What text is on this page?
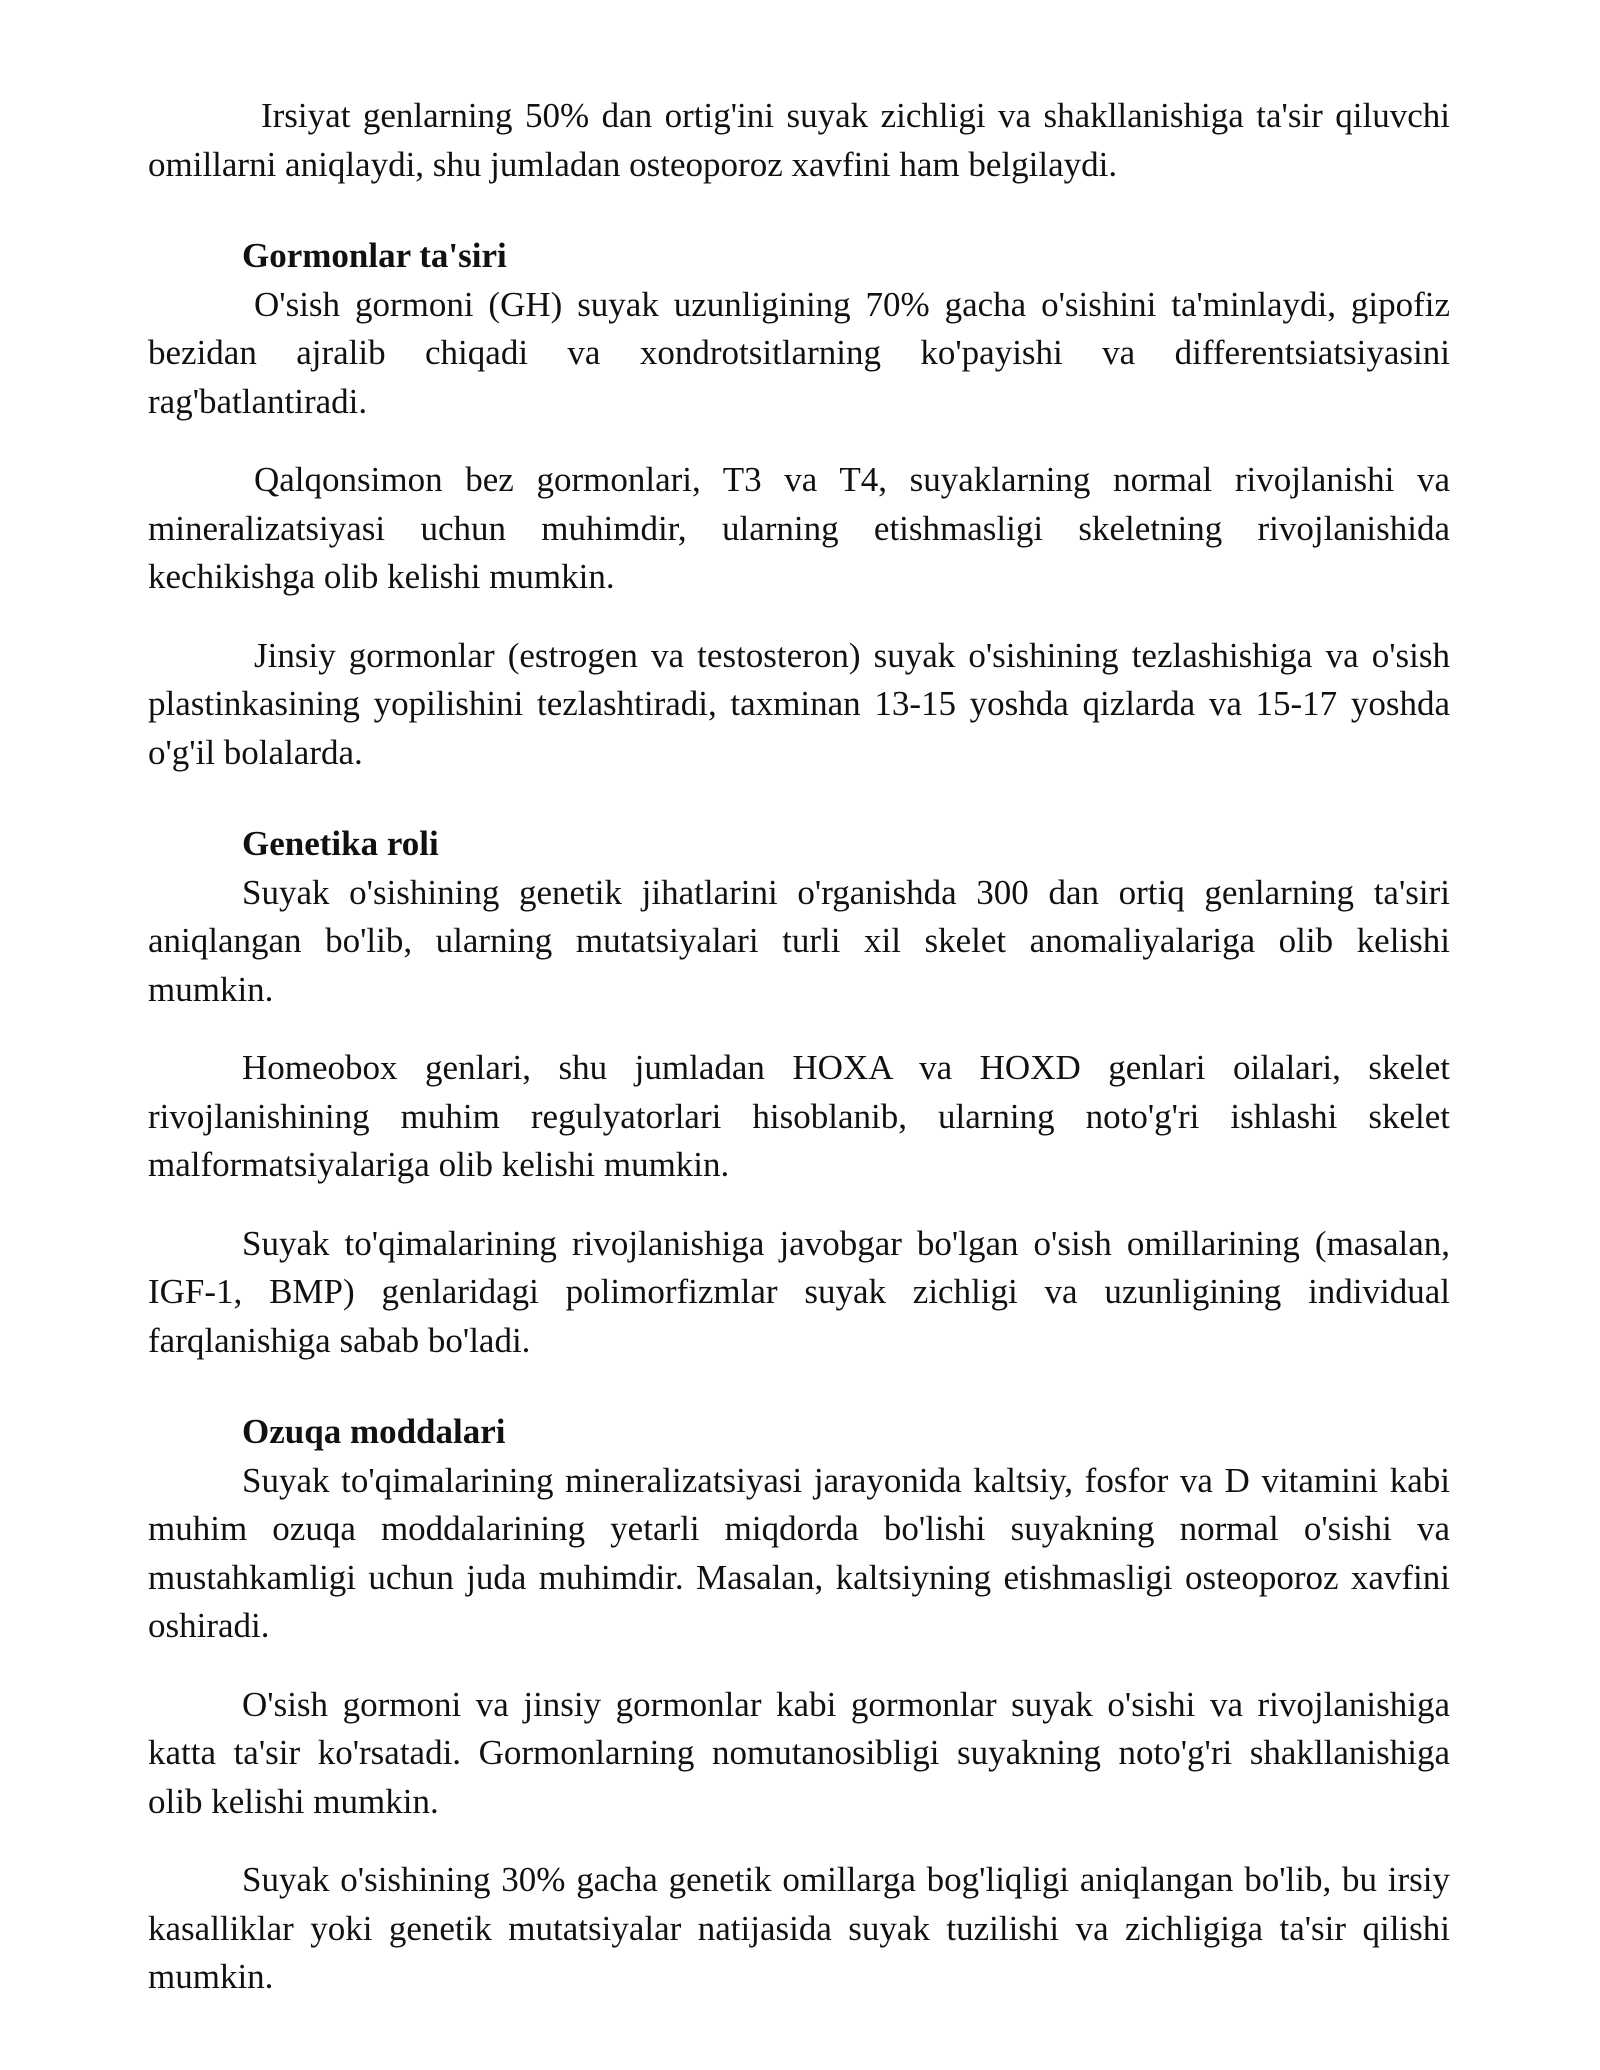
Irsiyat genlarning 50% dan ortig'ini suyak zichligi va shakllanishiga ta'sir qiluvchi omillarni aniqlaydi, shu jumladan osteoporoz xavfini ham belgilaydi.

Gormonlar ta'siri

O'sish gormoni (GH) suyak uzunligining 70% gacha o'sishini ta'minlaydi, gipofiz bezidan ajralib chiqadi va xondrotsitlarning ko'payishi va differentsiatsiyasini rag'batlantiradi.

Qalqonsimon bez gormonlari, T3 va T4, suyaklarning normal rivojlanishi va mineralizatsiyasi uchun muhimdir, ularning etishmasligi skeletning rivojlanishida kechikishga olib kelishi mumkin.

Jinsiy gormonlar (estrogen va testosteron) suyak o'sishining tezlashishiga va o'sish plastinkasining yopilishini tezlashtiradi, taxminan 13-15 yoshda qizlarda va 15-17 yoshda o'g'il bolalarda.

Genetika roli

Suyak o'sishining genetik jihatlarini o'rganishda 300 dan ortiq genlarning ta'siri aniqlangan bo'lib, ularning mutatsiyalari turli xil skelet anomaliyalariga olib kelishi mumkin.

Homeobox genlari, shu jumladan HOXA va HOXD genlari oilalari, skelet rivojlanishining muhim regulyatorlari hisoblanib, ularning noto'g'ri ishlashi skelet malformatsiyalariga olib kelishi mumkin.

Suyak to'qimalarining rivojlanishiga javobgar bo'lgan o'sish omillarining (masalan, IGF-1, BMP) genlaridagi polimorfizmlar suyak zichligi va uzunligining individual farqlanishiga sabab bo'ladi.

Ozuqa moddalari

Suyak to'qimalarining mineralizatsiyasi jarayonida kaltsiy, fosfor va D vitamini kabi muhim ozuqa moddalarining yetarli miqdorda bo'lishi suyakning normal o'sishi va mustahkamligi uchun juda muhimdir. Masalan, kaltsiyning etishmasligi osteoporoz xavfini oshiradi.

O'sish gormoni va jinsiy gormonlar kabi gormonlar suyak o'sishi va rivojlanishiga katta ta'sir ko'rsatadi. Gormonlarning nomutanosibligi suyakning noto'g'ri shakllanishiga olib kelishi mumkin.

Suyak o'sishining 30% gacha genetik omillarga bog'liqligi aniqlangan bo'lib, bu irsiy kasalliklar yoki genetik mutatsiyalar natijasida suyak tuzilishi va zichligiga ta'sir qilishi mumkin.
